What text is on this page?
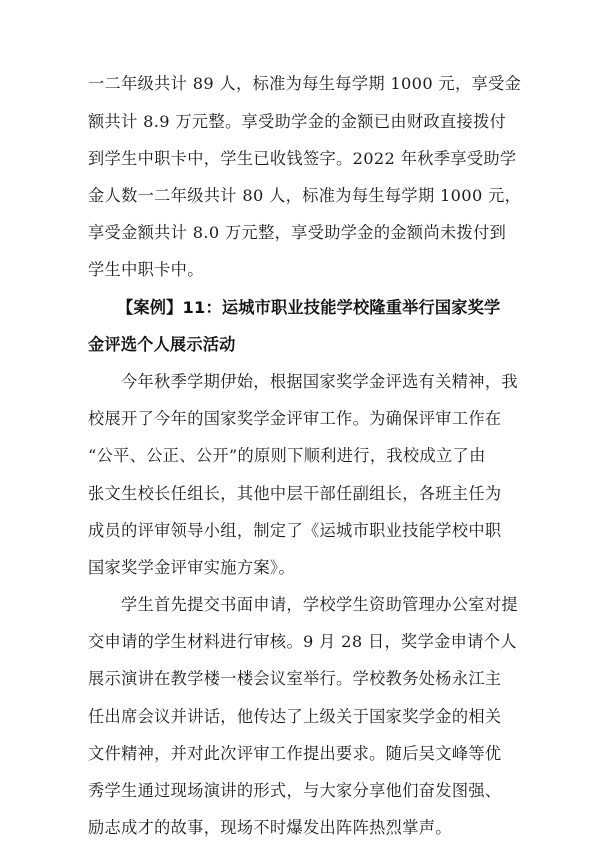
一二年级共计 89 人，标准为每生每学期 1000 元，享受金

额共计 8.9 万元整。享受助学金的金额已由财政直接拨付

到学生中职卡中，学生已收钱签字。2022 年秋季享受助学

金人数一二年级共计 80 人，标准为每生每学期 1000 元，

享受金额共计 8.0 万元整，享受助学金的金额尚未拨付到

学生中职卡中。

【案例】11：运城市职业技能学校隆重举行国家奖学

金评选个人展示活动

今年秋季学期伊始，根据国家奖学金评选有关精神，我

校展开了今年的国家奖学金评审工作。为确保评审工作在

“公平、公正、公开”的原则下顺利进行，我校成立了由

张文生校长任组长，其他中层干部任副组长，各班主任为

成员的评审领导小组，制定了《运城市职业技能学校中职

国家奖学金评审实施方案》。

学生首先提交书面申请，学校学生资助管理办公室对提

交申请的学生材料进行审核。9 月 28 日，奖学金申请个人

展示演讲在教学楼一楼会议室举行。学校教务处杨永江主

任出席会议并讲话，他传达了上级关于国家奖学金的相关

文件精神，并对此次评审工作提出要求。随后吴文峰等优

秀学生通过现场演讲的形式，与大家分享他们奋发图强、

励志成才的故事，现场不时爆发出阵阵热烈掌声。
